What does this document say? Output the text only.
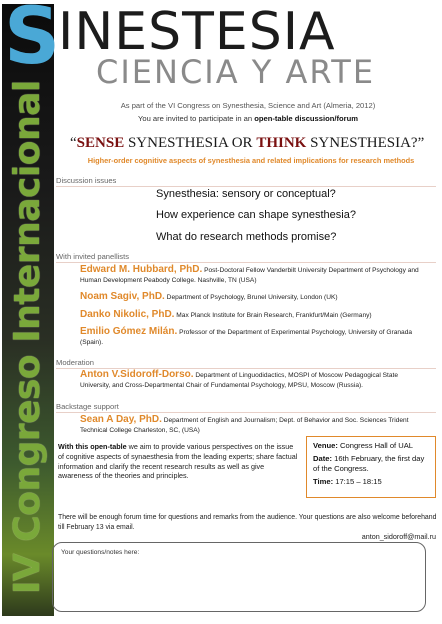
IV Congreso Internacional
S
INESTESIA
CIENCIA Y ARTE
As part of the VI Congress on Synesthesia, Science and Art (Almeria, 2012)
You are invited to participate in an open-table discussion/forum
“SENSE SYNESTHESIA OR THINK SYNESTHESIA?”
Higher-order cognitive aspects of synesthesia and related implications for research methods
Discussion issues
Synesthesia: sensory or conceptual?
How experience can shape synesthesia?
What do research methods promise?
With invited panellists
Edward M. Hubbard, PhD. Post-Doctoral Fellow Vanderbilt University Department of Psychology and Human Development Peabody College. Nashville, TN (USA)
Noam Sagiv, PhD. Department of Psychology, Brunel University, London (UK)
Danko Nikolic, PhD. Max Planck Institute for Brain Research, Frankfurt/Main (Germany)
Emilio Gómez Milán. Professor of the Department of Experimental Psychology, University of Granada (Spain).
Moderation
Anton V.Sidoroff-Dorso. Department of Linguodidactics, MOSPI of Moscow Pedagogical State University, and Cross-Departmental Chair of Fundamental Psychology, MPSU, Moscow (Russia).
Backstage support
Sean A Day, PhD. Department of English and Journalism; Dept. of Behavior and Soc. Sciences Trident Technical College Charleston, SC, (USA)
Venue: Congress Hall of UAL
Date: 16th February, the first day of the Congress.
Time: 17:15 – 18:15
With this open-table we aim to provide various perspectives on the issue of cognitive aspects of synaesthesia from the leading experts; share factual information and clarify the recent research results as well as give awareness of the theories and principles.
There will be enough forum time for questions and remarks from the audience. Your questions are also welcome beforehand till February 13 via email.
anton_sidoroff@mail.ru
Your questions/notes here:
